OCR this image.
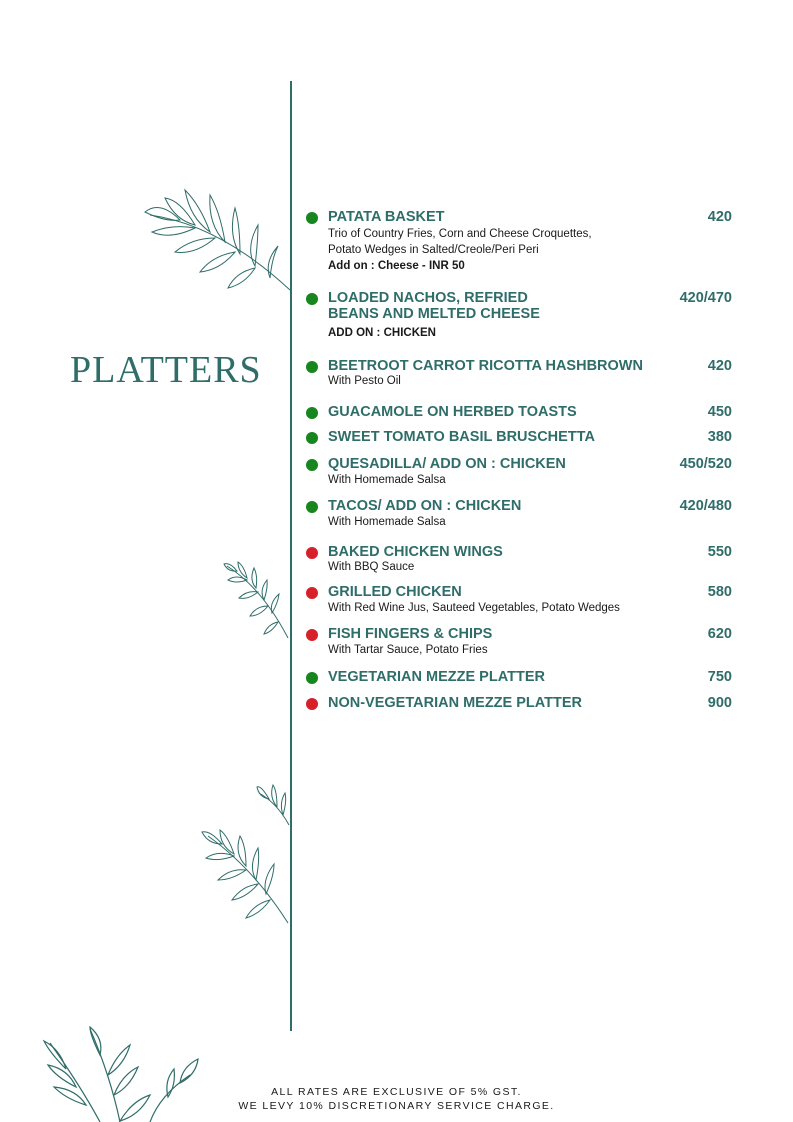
PLATTERS
PATATA BASKET	420
Trio of Country Fries, Corn and Cheese Croquettes,
Potato Wedges in Salted/Creole/Peri Peri
Add on : Cheese - INR 50
LOADED NACHOS, REFRIED
BEANS AND MELTED CHEESE
420/470
ADD ON : CHICKEN
BEETROOT CARROT RICOTTA HASHBROWN	420
With Pesto Oil
GUACAMOLE ON HERBED TOASTS	450
SWEET TOMATO BASIL BRUSCHETTA	380
QUESADILLA/ ADD ON : CHICKEN	450/520
With Homemade Salsa
TACOS/ ADD ON : CHICKEN	420/480
With Homemade Salsa
BAKED CHICKEN WINGS	550
With BBQ Sauce
GRILLED CHICKEN	580
With Red Wine Jus, Sauteed Vegetables, Potato Wedges
FISH FINGERS & CHIPS	620
With Tartar Sauce, Potato Fries
VEGETARIAN MEZZE PLATTER	750
NON-VEGETARIAN MEZZE PLATTER	900
ALL RATES ARE EXCLUSIVE OF 5% GST.
WE LEVY 10% DISCRETIONARY SERVICE CHARGE.
